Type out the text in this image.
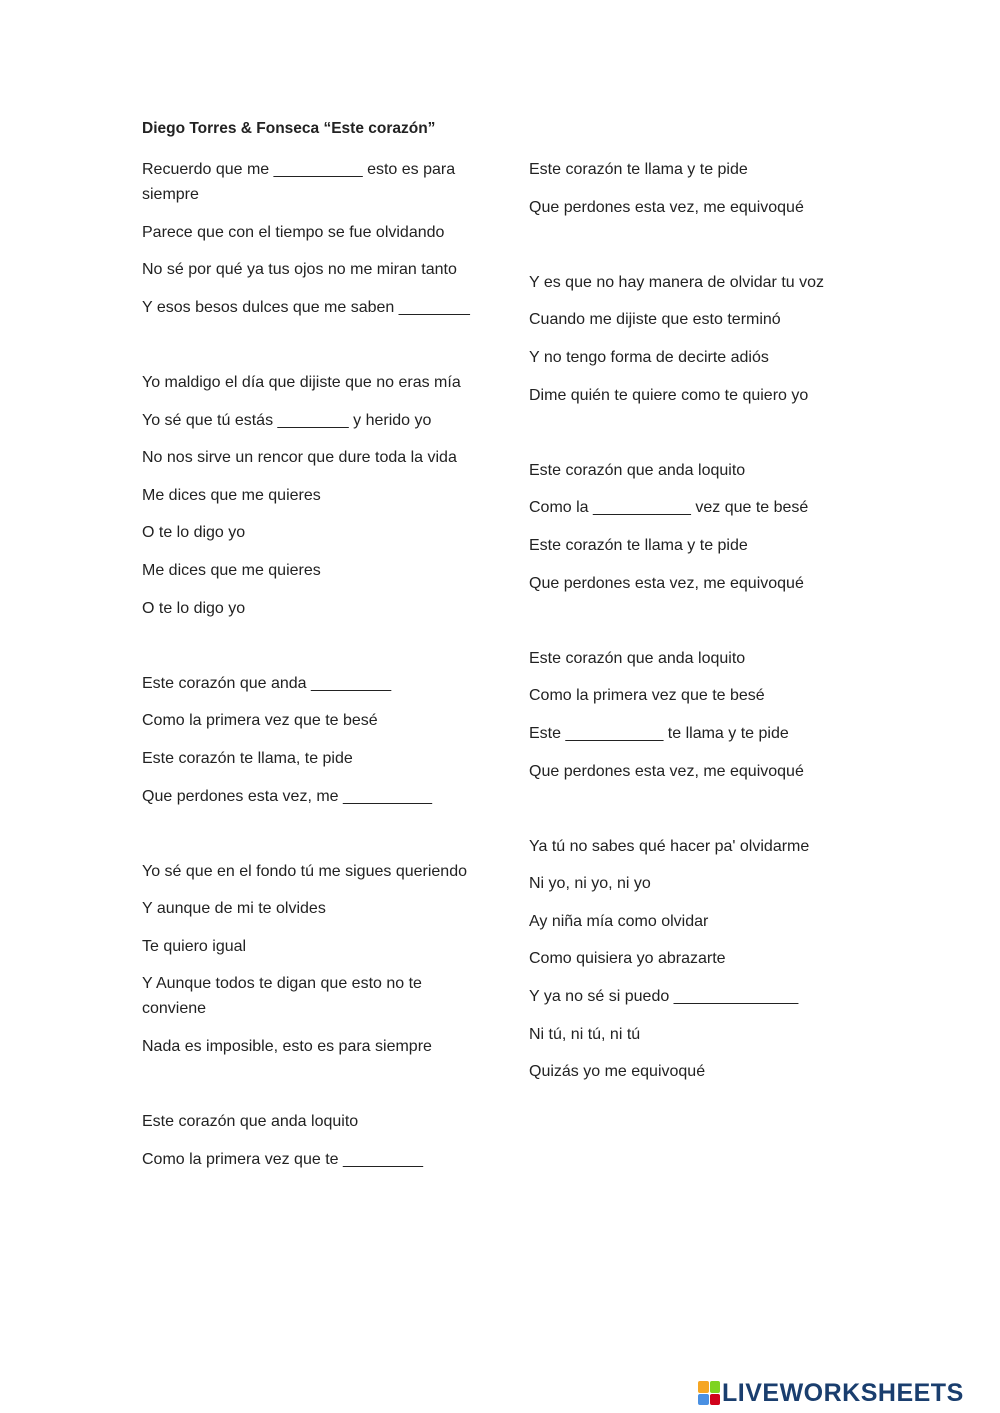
Diego Torres & Fonseca “Este corazón”
Recuerdo que me __________ esto es para siempre
Parece que con el tiempo se fue olvidando
No sé por qué ya tus ojos no me miran tanto
Y esos besos dulces que me saben ________
Yo maldigo el día que dijiste que no eras mía
Yo sé que tú estás ________ y herido yo
No nos sirve un rencor que dure toda la vida
Me dices que me quieres
O te lo digo yo
Me dices que me quieres
O te lo digo yo
Este corazón que anda _________
Como la primera vez que te besé
Este corazón te llama, te pide
Que perdones esta vez, me __________
Yo sé que en el fondo tú me sigues queriendo
Y aunque de mi te olvides
Te quiero igual
Y Aunque todos te digan que esto no te conviene
Nada es imposible, esto es para siempre
Este corazón que anda loquito
Como la primera vez que te _________
Este corazón te llama y te pide
Que perdones esta vez, me equivoqué
Y es que no hay manera de olvidar tu voz
Cuando me dijiste que esto terminó
Y no tengo forma de decirte adiós
Dime quién te quiere como te quiero yo
Este corazón que anda loquito
Como la ___________ vez que te besé
Este corazón te llama y te pide
Que perdones esta vez, me equivoqué
Este corazón que anda loquito
Como la primera vez que te besé
Este ___________ te llama y te pide
Que perdones esta vez, me equivoqué
Ya tú no sabes qué hacer pa' olvidarme
Ni yo, ni yo, ni yo
Ay niña mía como olvidar
Como quisiera yo abrazarte
Y ya no sé si puedo ______________
Ni tú, ni tú, ni tú
Quizás yo me equivoqué
LIVEWORKSHEETS
